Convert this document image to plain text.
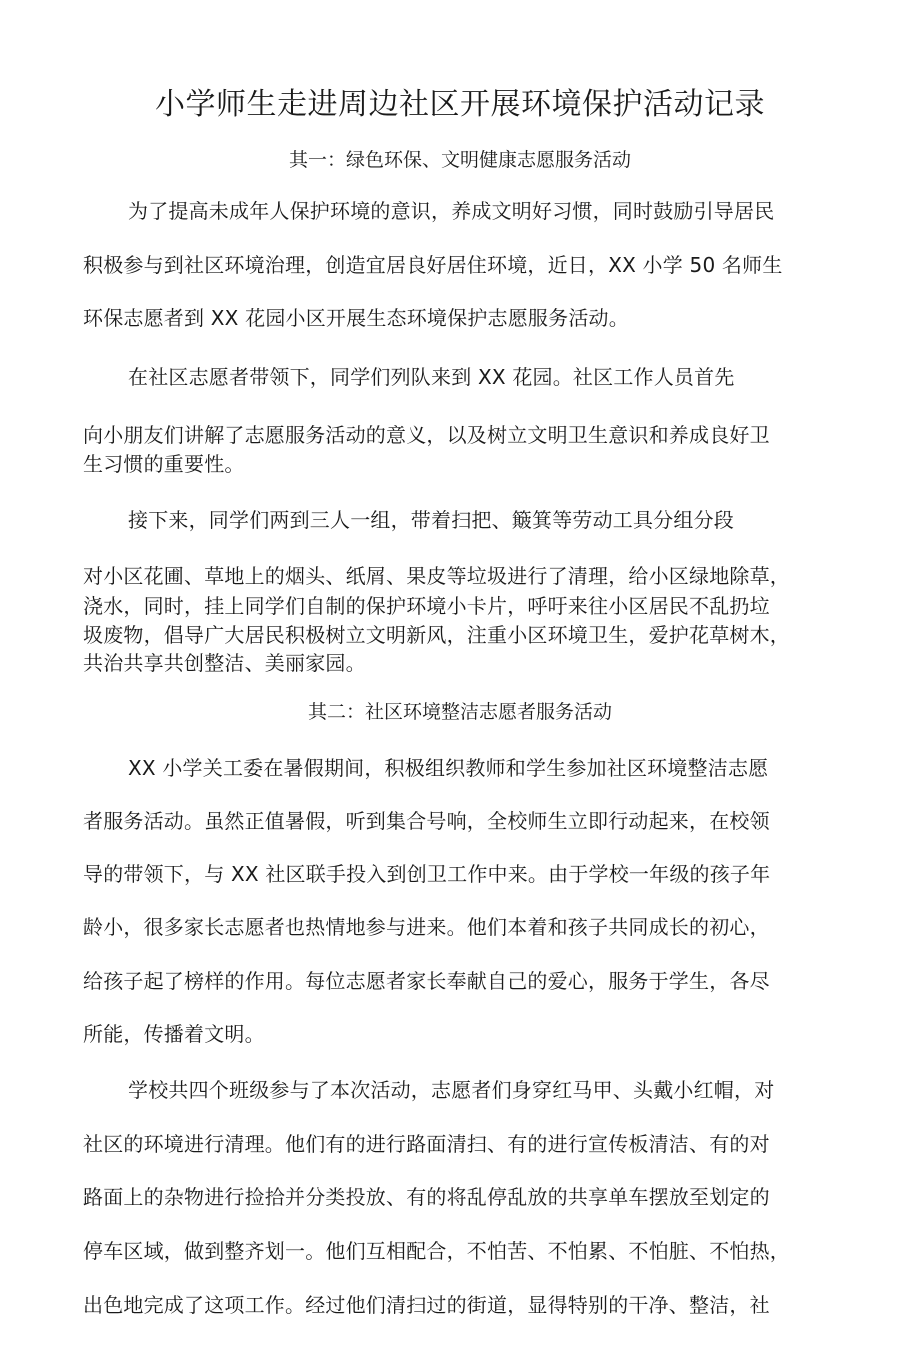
小学师生走进周边社区开展环境保护活动记录
其一：绿色环保、文明健康志愿服务活动

为了提高未成年人保护环境的意识，养成文明好习惯，同时鼓励引导居民

积极参与到社区环境治理，创造宜居良好居住环境，近日，XX 小学 50 名师生

环保志愿者到 XX 花园小区开展生态环境保护志愿服务活动。

在社区志愿者带领下，同学们列队来到 XX 花园。社区工作人员首先

向小朋友们讲解了志愿服务活动的意义，以及树立文明卫生意识和养成良好卫

生习惯的重要性。

接下来，同学们两到三人一组，带着扫把、簸箕等劳动工具分组分段

对小区花圃、草地上的烟头、纸屑、果皮等垃圾进行了清理，给小区绿地除草，

浇水，同时，挂上同学们自制的保护环境小卡片，呼吁来往小区居民不乱扔垃

圾废物，倡导广大居民积极树立文明新风，注重小区环境卫生，爱护花草树木，

共治共享共创整洁、美丽家园。

其二：社区环境整洁志愿者服务活动

XX 小学关工委在暑假期间，积极组织教师和学生参加社区环境整洁志愿

者服务活动。虽然正值暑假，听到集合号响，全校师生立即行动起来，在校领

导的带领下，与 XX 社区联手投入到创卫工作中来。由于学校一年级的孩子年

龄小，很多家长志愿者也热情地参与进来。他们本着和孩子共同成长的初心，

给孩子起了榜样的作用。每位志愿者家长奉献自己的爱心，服务于学生，各尽

所能，传播着文明。

学校共四个班级参与了本次活动，志愿者们身穿红马甲、头戴小红帽，对

社区的环境进行清理。他们有的进行路面清扫、有的进行宣传板清洁、有的对

路面上的杂物进行捡拾并分类投放、有的将乱停乱放的共享单车摆放至划定的

停车区域，做到整齐划一。他们互相配合，不怕苦、不怕累、不怕脏、不怕热，

出色地完成了这项工作。经过他们清扫过的街道，显得特别的干净、整洁，社
